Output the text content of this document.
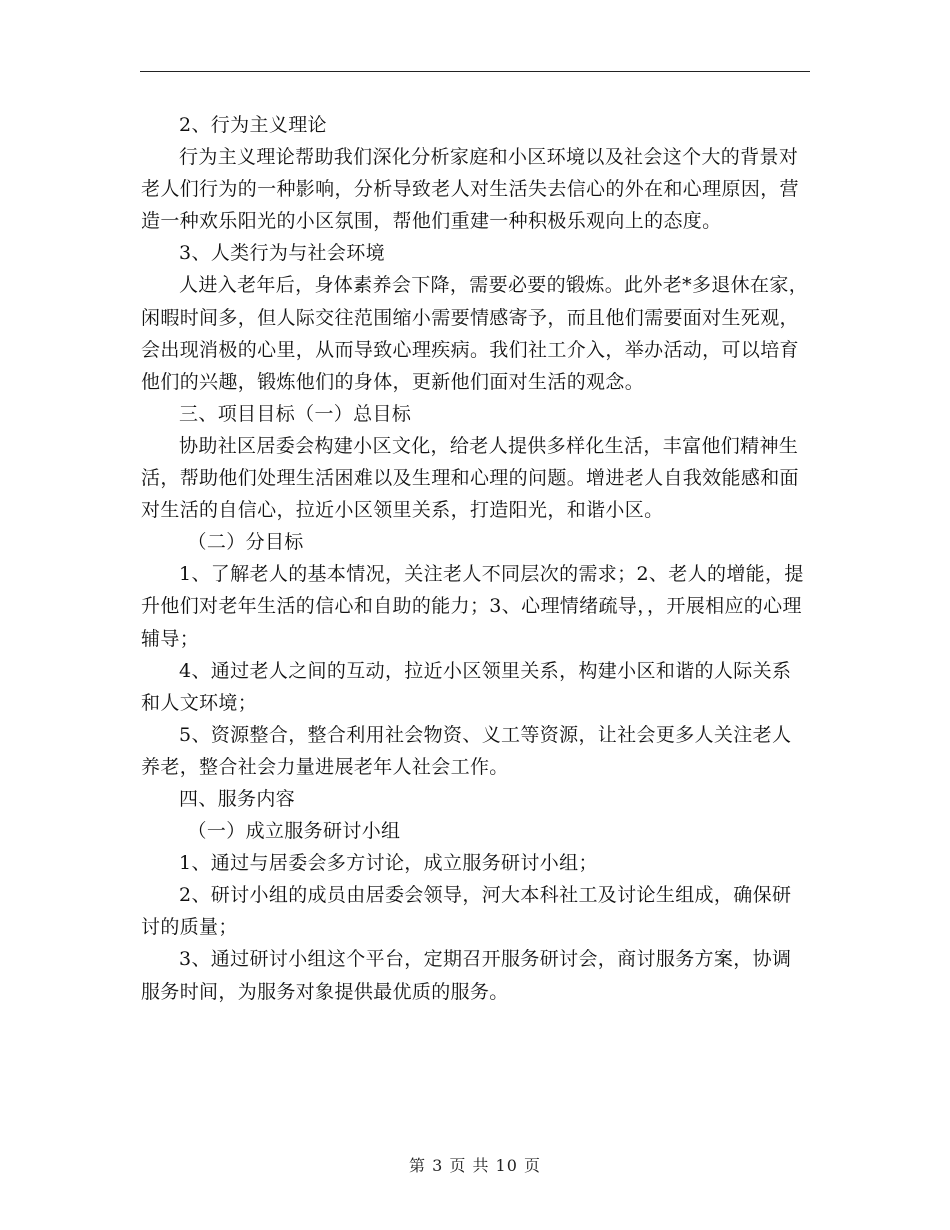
2、行为主义理论

行为主义理论帮助我们深化分析家庭和小区环境以及社会这个大的背景对老人们行为的一种影响，分析导致老人对生活失去信心的外在和心理原因，营造一种欢乐阳光的小区氛围，帮他们重建一种积极乐观向上的态度。

3、人类行为与社会环境

人进入老年后，身体素养会下降，需要必要的锻炼。此外老*多退休在家，闲暇时间多，但人际交往范围缩小需要情感寄予，而且他们需要面对生死观，会出现消极的心里，从而导致心理疾病。我们社工介入，举办活动，可以培育他们的兴趣，锻炼他们的身体，更新他们面对生活的观念。

三、项目目标（一）总目标

协助社区居委会构建小区文化，给老人提供多样化生活，丰富他们精神生活，帮助他们处理生活困难以及生理和心理的问题。增进老人自我效能感和面对生活的自信心，拉近小区领里关系，打造阳光，和谐小区。

（二）分目标

1、了解老人的基本情况，关注老人不同层次的需求；2、老人的增能，提升他们对老年生活的信心和自助的能力；3、心理情绪疏导，，开展相应的心理辅导；

4、通过老人之间的互动，拉近小区领里关系，构建小区和谐的人际关系和人文环境；

5、资源整合，整合利用社会物资、义工等资源，让社会更多人关注老人养老，整合社会力量进展老年人社会工作。

四、服务内容

（一）成立服务研讨小组

1、通过与居委会多方讨论，成立服务研讨小组；

2、研讨小组的成员由居委会领导，河大本科社工及讨论生组成，确保研讨的质量；

3、通过研讨小组这个平台，定期召开服务研讨会，商讨服务方案，协调服务时间，为服务对象提供最优质的服务。

第 3 页 共 10 页
